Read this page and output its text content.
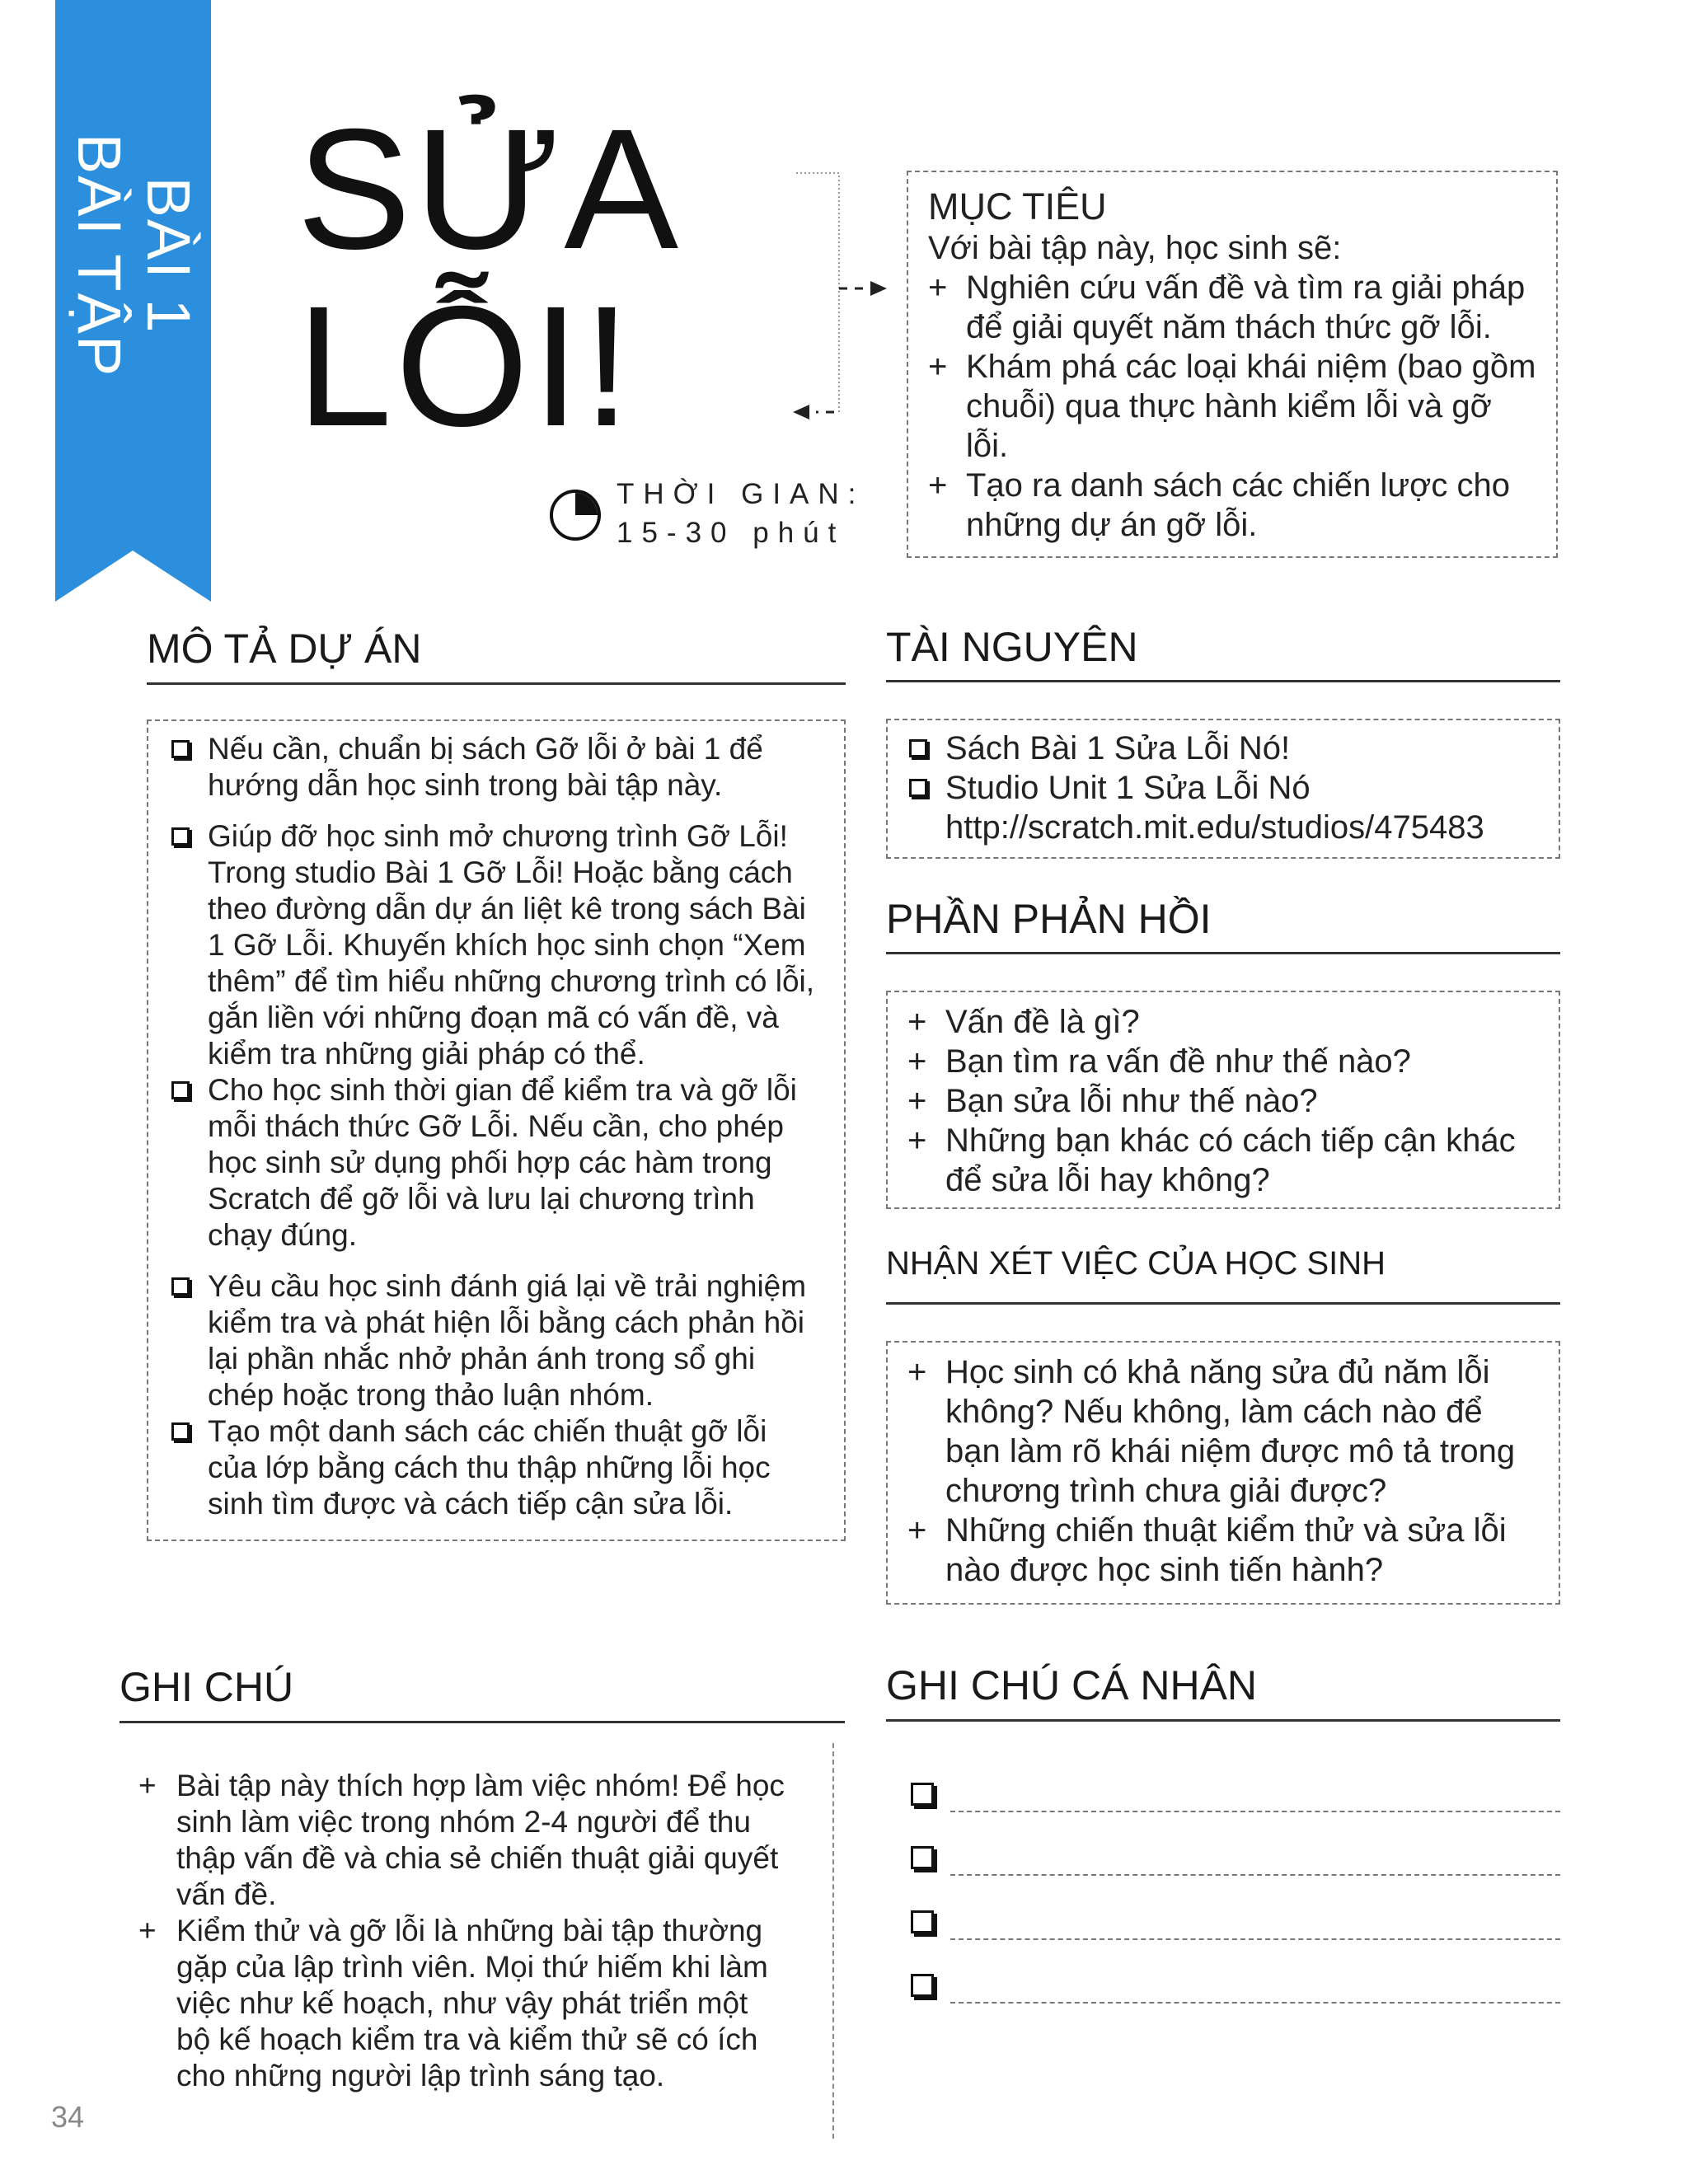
BÀI 1
BÀI TẬP SỬA
LỖI!
THỜI GIAN:
15-30 phút
MỤC TIÊU
Với bài tập này, học sinh sẽ:
+ Nghiên cứu vấn đề và tìm ra giải pháp để giải quyết năm thách thức gỡ lỗi.
+ Khám phá các loại khái niệm (bao gồm chuỗi) qua thực hành kiểm lỗi và gỡ lỗi.
+ Tạo ra danh sách các chiến lược cho những dự án gỡ lỗi.
MÔ TẢ DỰ ÁN
Nếu cần, chuẩn bị sách Gỡ lỗi ở bài 1 để hướng dẫn học sinh trong bài tập này.
Giúp đỡ học sinh mở chương trình Gỡ Lỗi! Trong studio Bài 1 Gỡ Lỗi! Hoặc bằng cách theo đường dẫn dự án liệt kê trong sách Bài 1 Gỡ Lỗi. Khuyến khích học sinh chọn “Xem thêm” để tìm hiểu những chương trình có lỗi, gắn liền với những đoạn mã có vấn đề, và kiểm tra những giải pháp có thể.
Cho học sinh thời gian để kiểm tra và gỡ lỗi mỗi thách thức Gỡ Lỗi. Nếu cần, cho phép học sinh sử dụng phối hợp các hàm trong Scratch để gỡ lỗi và lưu lại chương trình chạy đúng.
Yêu cầu học sinh đánh giá lại về trải nghiệm kiểm tra và phát hiện lỗi bằng cách phản hồi lại phần nhắc nhở phản ánh trong sổ ghi chép hoặc trong thảo luận nhóm.
Tạo một danh sách các chiến thuật gỡ lỗi của lớp bằng cách thu thập những lỗi học sinh tìm được và cách tiếp cận sửa lỗi.
TÀI NGUYÊN
Sách Bài 1 Sửa Lỗi Nó!
Studio Unit 1 Sửa Lỗi Nó http://scratch.mit.edu/studios/475483
PHẦN PHẢN HỒI
+ Vấn đề là gì?
+ Bạn tìm ra vấn đề như thế nào?
+ Bạn sửa lỗi như thế nào?
+ Những bạn khác có cách tiếp cận khác để sửa lỗi hay không?
NHẬN XÉT VIỆC CỦA HỌC SINH
+ Học sinh có khả năng sửa đủ năm lỗi không? Nếu không, làm cách nào để bạn làm rõ khái niệm được mô tả trong chương trình chưa giải được?
+ Những chiến thuật kiểm thử và sửa lỗi nào được học sinh tiến hành?
GHI CHÚ
+ Bài tập này thích hợp làm việc nhóm! Để học sinh làm việc trong nhóm 2-4 người để thu thập vấn đề và chia sẻ chiến thuật giải quyết vấn đề.
+ Kiểm thử và gỡ lỗi là những bài tập thường gặp của lập trình viên. Mọi thứ hiếm khi làm việc như kế hoạch, như vậy phát triển một bộ kế hoạch kiểm tra và kiểm thử sẽ có ích cho những người lập trình sáng tạo.
GHI CHÚ CÁ NHÂN
34
